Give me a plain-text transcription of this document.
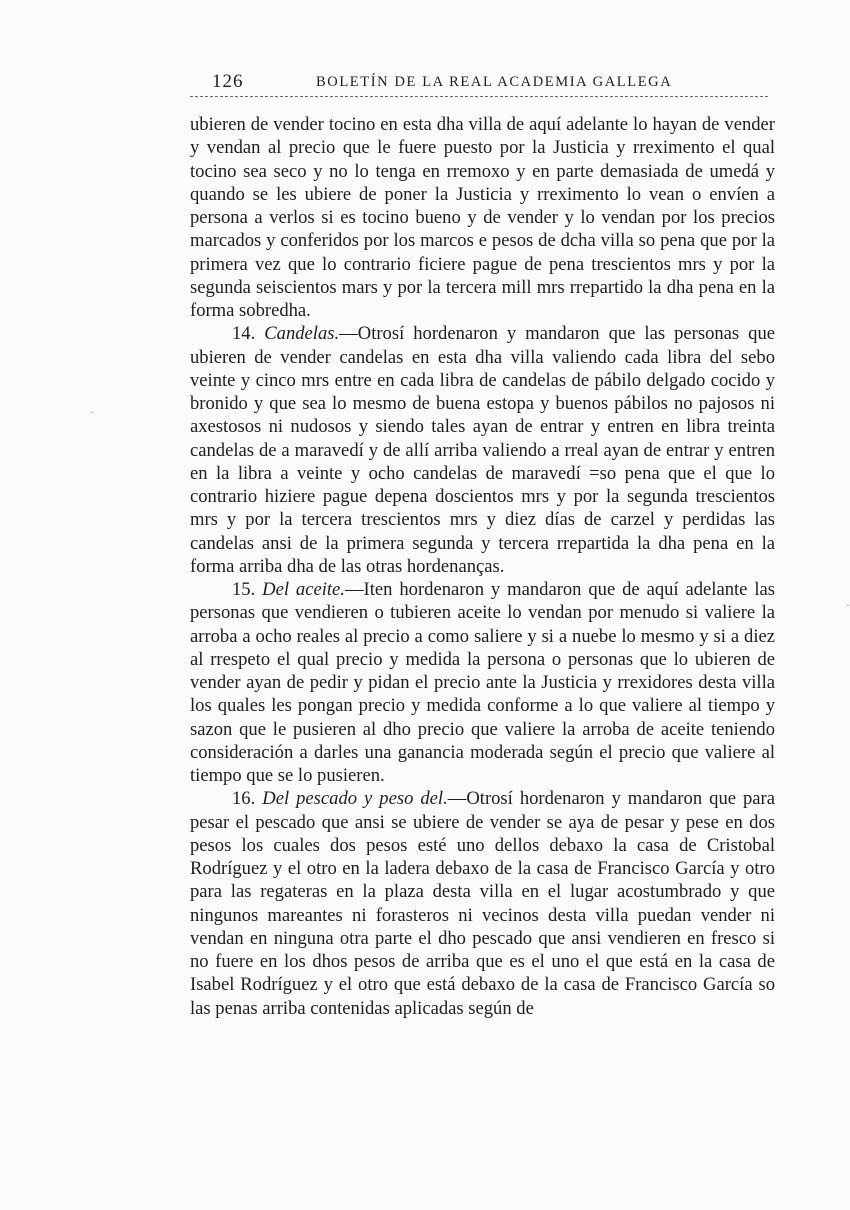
126	BOLETÍN DE LA REAL ACADEMIA GALLEGA

ubieren de vender tocino en esta dha villa de aquí adelante lo hayan de vender y vendan al precio que le fuere puesto por la Justicia y rreximento el qual tocino sea seco y no lo tenga en rremoxo y en parte demasiada de umedá y quando se les ubiere de poner la Justicia y rreximento lo vean o envíen a persona a verlos si es tocino bueno y de vender y lo vendan por los precios marcados y conferidos por los marcos e pesos de dcha villa so pena que por la primera vez que lo contrario ficiere pague de pena trescientos mrs y por la segunda seiscientos mars y por la tercera mill mrs rrepartido la dha pena en la forma sobredha.

14. Candelas.—Otrosí hordenaron y mandaron que las personas que ubieren de vender candelas en esta dha villa valiendo cada libra del sebo veinte y cinco mrs entre en cada libra de candelas de pábilo delgado cocido y bronido y que sea lo mesmo de buena estopa y buenos pábilos no pajosos ni axestosos ni nudosos y siendo tales ayan de entrar y entren en libra treinta candelas de a maravedí y de allí arriba valiendo a rreal ayan de entrar y entren en la libra a veinte y ocho candelas de maravedí =so pena que el que lo contrario hiziere pague depena doscientos mrs y por la segunda trescientos mrs y por la tercera trescientos mrs y diez días de carzel y perdidas las candelas ansi de la primera segunda y tercera rrepartida la dha pena en la forma arriba dha de las otras hordenanças.

15. Del aceite.—Iten hordenaron y mandaron que de aquí adelante las personas que vendieren o tubieren aceite lo vendan por menudo si valiere la arroba a ocho reales al precio a como saliere y si a nuebe lo mesmo y si a diez al rrespeto el qual precio y medida la persona o personas que lo ubieren de vender ayan de pedir y pidan el precio ante la Justicia y rrexidores desta villa los quales les pongan precio y medida conforme a lo que valiere al tiempo y sazon que le pusieren al dho precio que valiere la arroba de aceite teniendo consideración a darles una ganancia moderada según el precio que valiere al tiempo que se lo pusieren.

16. Del pescado y peso del.—Otrosí hordenaron y mandaron que para pesar el pescado que ansi se ubiere de vender se aya de pesar y pese en dos pesos los cuales dos pesos esté uno dellos debaxo la casa de Cristobal Rodríguez y el otro en la ladera debaxo de la casa de Francisco García y otro para las regateras en la plaza desta villa en el lugar acostumbrado y que ningunos mareantes ni forasteros ni vecinos desta villa puedan vender ni vendan en ninguna otra parte el dho pescado que ansi vendieren en fresco si no fuere en los dhos pesos de arriba que es el uno el que está en la casa de Isabel Rodríguez y el otro que está debaxo de la casa de Francisco García so las penas arriba contenidas aplicadas según de

·
·
